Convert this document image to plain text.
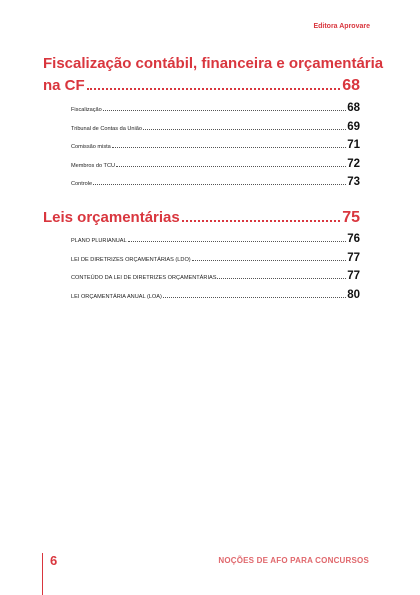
Editora Aprovare
Fiscalização contábil, financeira e orçamentária
na CF	68
Fiscalização	68
Tribunal de Contas da União	69
Comissão mista	71
Membros do TCU	72
Controle	73
Leis orçamentárias	75
PLANO PLURIANUAL	76
LEI DE DIRETRIZES ORÇAMENTÁRIAS (LDO)	77
CONTEÚDO DA LEI DE DIRETRIZES ORÇAMENTÁRIAS	77
LEI ORÇAMENTÁRIA ANUAL (LOA)	80
6	NOÇÕES DE AFO PARA CONCURSOS
